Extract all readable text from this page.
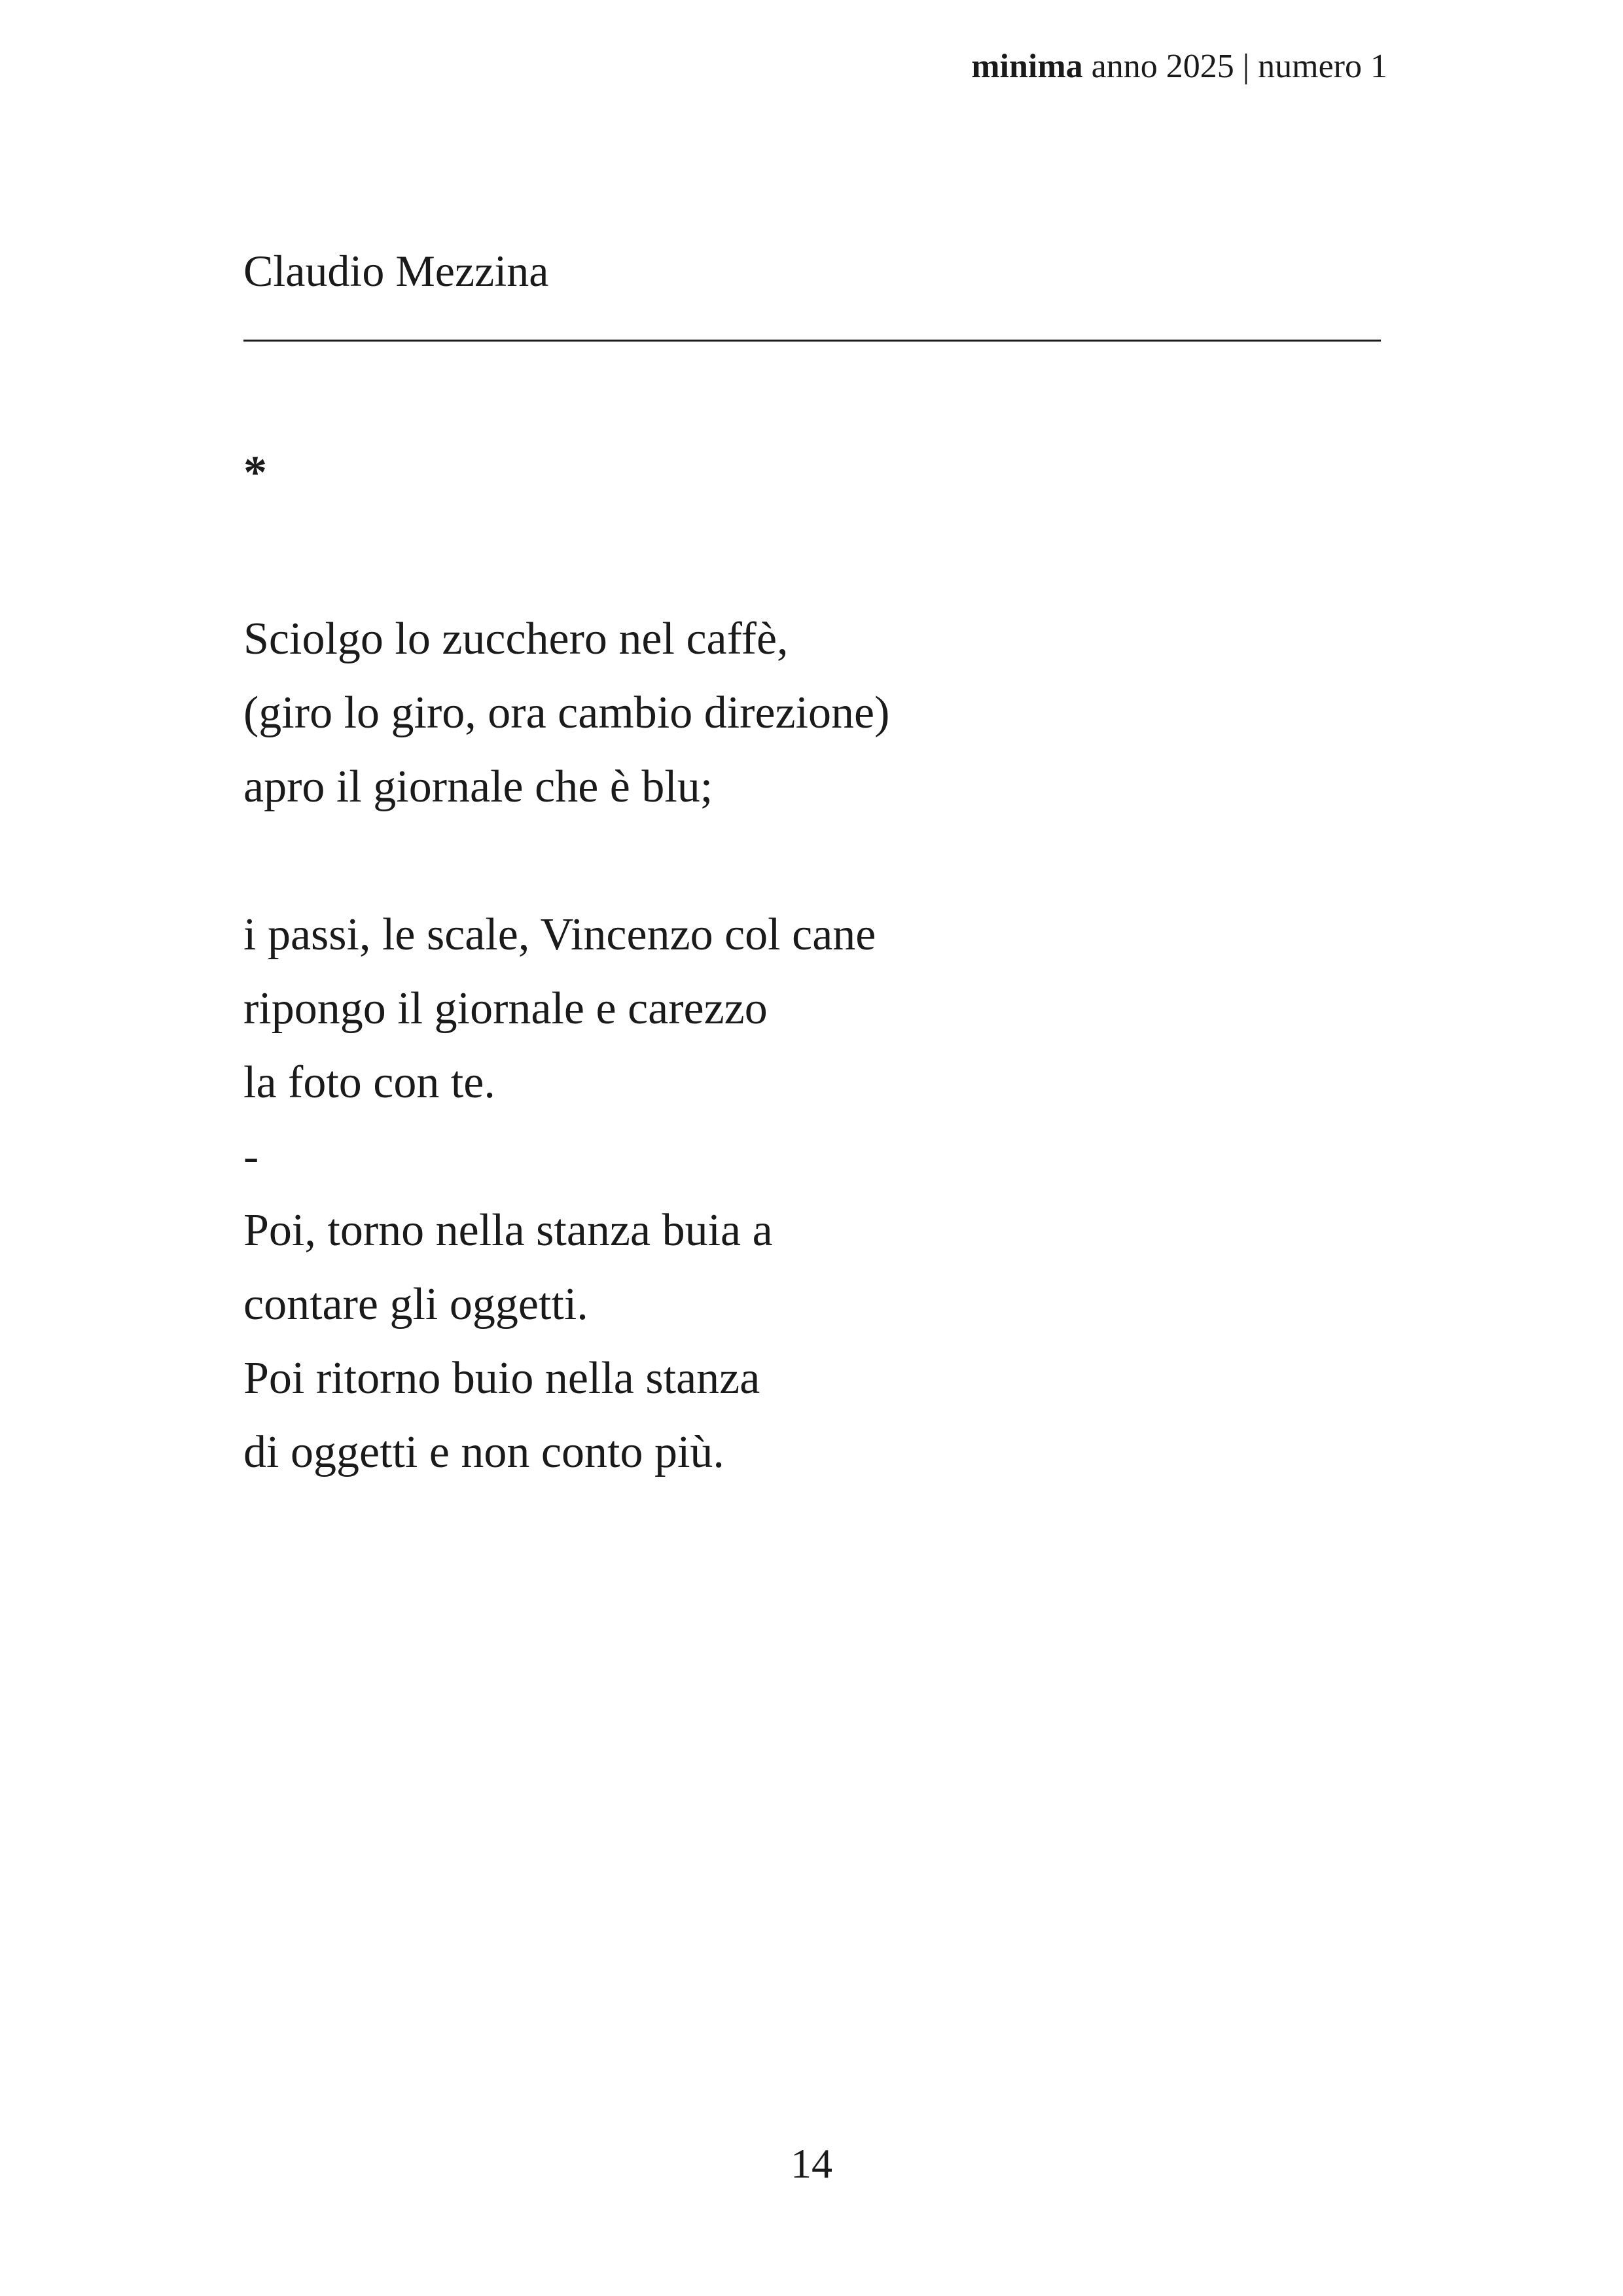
minima anno 2025 | numero 1
Claudio Mezzina
*
Sciolgo lo zucchero nel caffè,
(giro lo giro, ora cambio direzione)
apro il giornale che è blu;
i passi, le scale, Vincenzo col cane
ripongo il giornale e carezzo
la foto con te.
-
Poi, torno nella stanza buia a
contare gli oggetti.
Poi ritorno buio nella stanza
di oggetti e non conto più.
14
